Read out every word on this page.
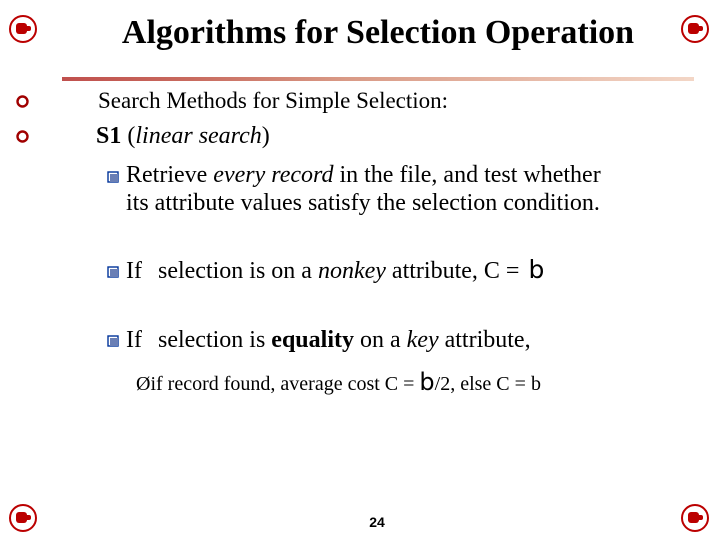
Algorithms for Selection Operation
Search Methods for Simple Selection:
S1 (linear search)
Retrieve every record in the file, and test whether
its attribute values satisfy the selection condition.
If selection is on a nonkey attribute, C = b
If selection is equality on a key attribute,
Øif record found, average cost C = b/2, else C = b
24
